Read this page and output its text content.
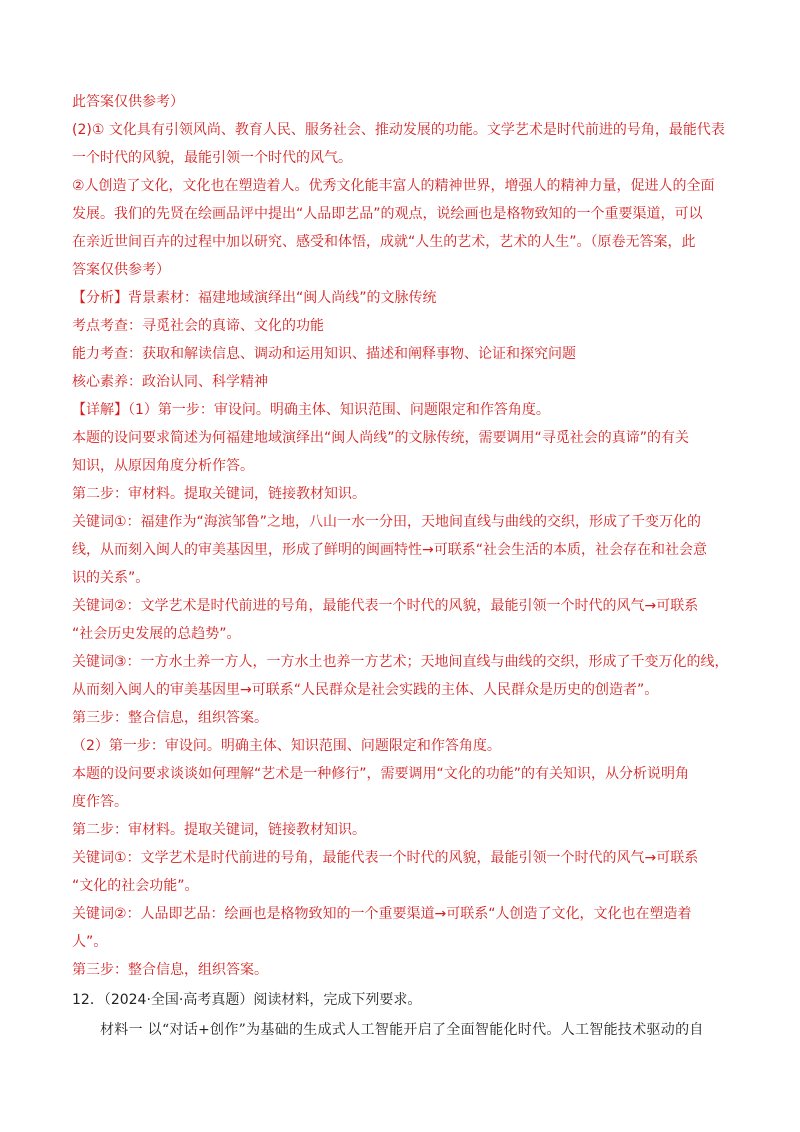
此答案仅供参考）
(2)① 文化具有引领风尚、教育人民、服务社会、推动发展的功能。文学艺术是时代前进的号角，最能代表
一个时代的风貌，最能引领一个时代的风气。
②人创造了文化，文化也在塑造着人。优秀文化能丰富人的精神世界，增强人的精神力量，促进人的全面
发展。我们的先贤在绘画品评中提出“人品即艺品”的观点，说绘画也是格物致知的一个重要渠道，可以
在亲近世间百卉的过程中加以研究、感受和体悟，成就“人生的艺术，艺术的人生”。（原卷无答案，此
答案仅供参考）
【分析】背景素材：福建地域演绎出“闽人尚线”的文脉传统
考点考查：寻觅社会的真谛、文化的功能
能力考查：获取和解读信息、调动和运用知识、描述和阐释事物、论证和探究问题
核心素养：政治认同、科学精神
【详解】（1）第一步：审设问。明确主体、知识范围、问题限定和作答角度。
本题的设问要求简述为何福建地域演绎出“闽人尚线”的文脉传统，需要调用“寻觅社会的真谛”的有关
知识，从原因角度分析作答。
第二步：审材料。提取关键词，链接教材知识。
关键词①：福建作为“海滨邹鲁”之地，八山一水一分田，天地间直线与曲线的交织，形成了千变万化的
线，从而刻入闽人的审美基因里，形成了鲜明的闽画特性→可联系“社会生活的本质，社会存在和社会意
识的关系”。
关键词②：文学艺术是时代前进的号角，最能代表一个时代的风貌，最能引领一个时代的风气→可联系
“社会历史发展的总趋势”。
关键词③：一方水土养一方人，一方水土也养一方艺术；天地间直线与曲线的交织，形成了千变万化的线，
从而刻入闽人的审美基因里→可联系“人民群众是社会实践的主体、人民群众是历史的创造者”。
第三步：整合信息，组织答案。
（2）第一步：审设问。明确主体、知识范围、问题限定和作答角度。
本题的设问要求谈谈如何理解“艺术是一种修行”，需要调用“文化的功能”的有关知识，从分析说明角
度作答。
第二步：审材料。提取关键词，链接教材知识。
关键词①：文学艺术是时代前进的号角，最能代表一个时代的风貌，最能引领一个时代的风气→可联系
“文化的社会功能”。
关键词②：人品即艺品：绘画也是格物致知的一个重要渠道→可联系“人创造了文化，文化也在塑造着
人”。
第三步：整合信息，组织答案。
12．（2024·全国·高考真题）阅读材料，完成下列要求。
材料一 以“对话+创作”为基础的生成式人工智能开启了全面智能化时代。人工智能技术驱动的自
